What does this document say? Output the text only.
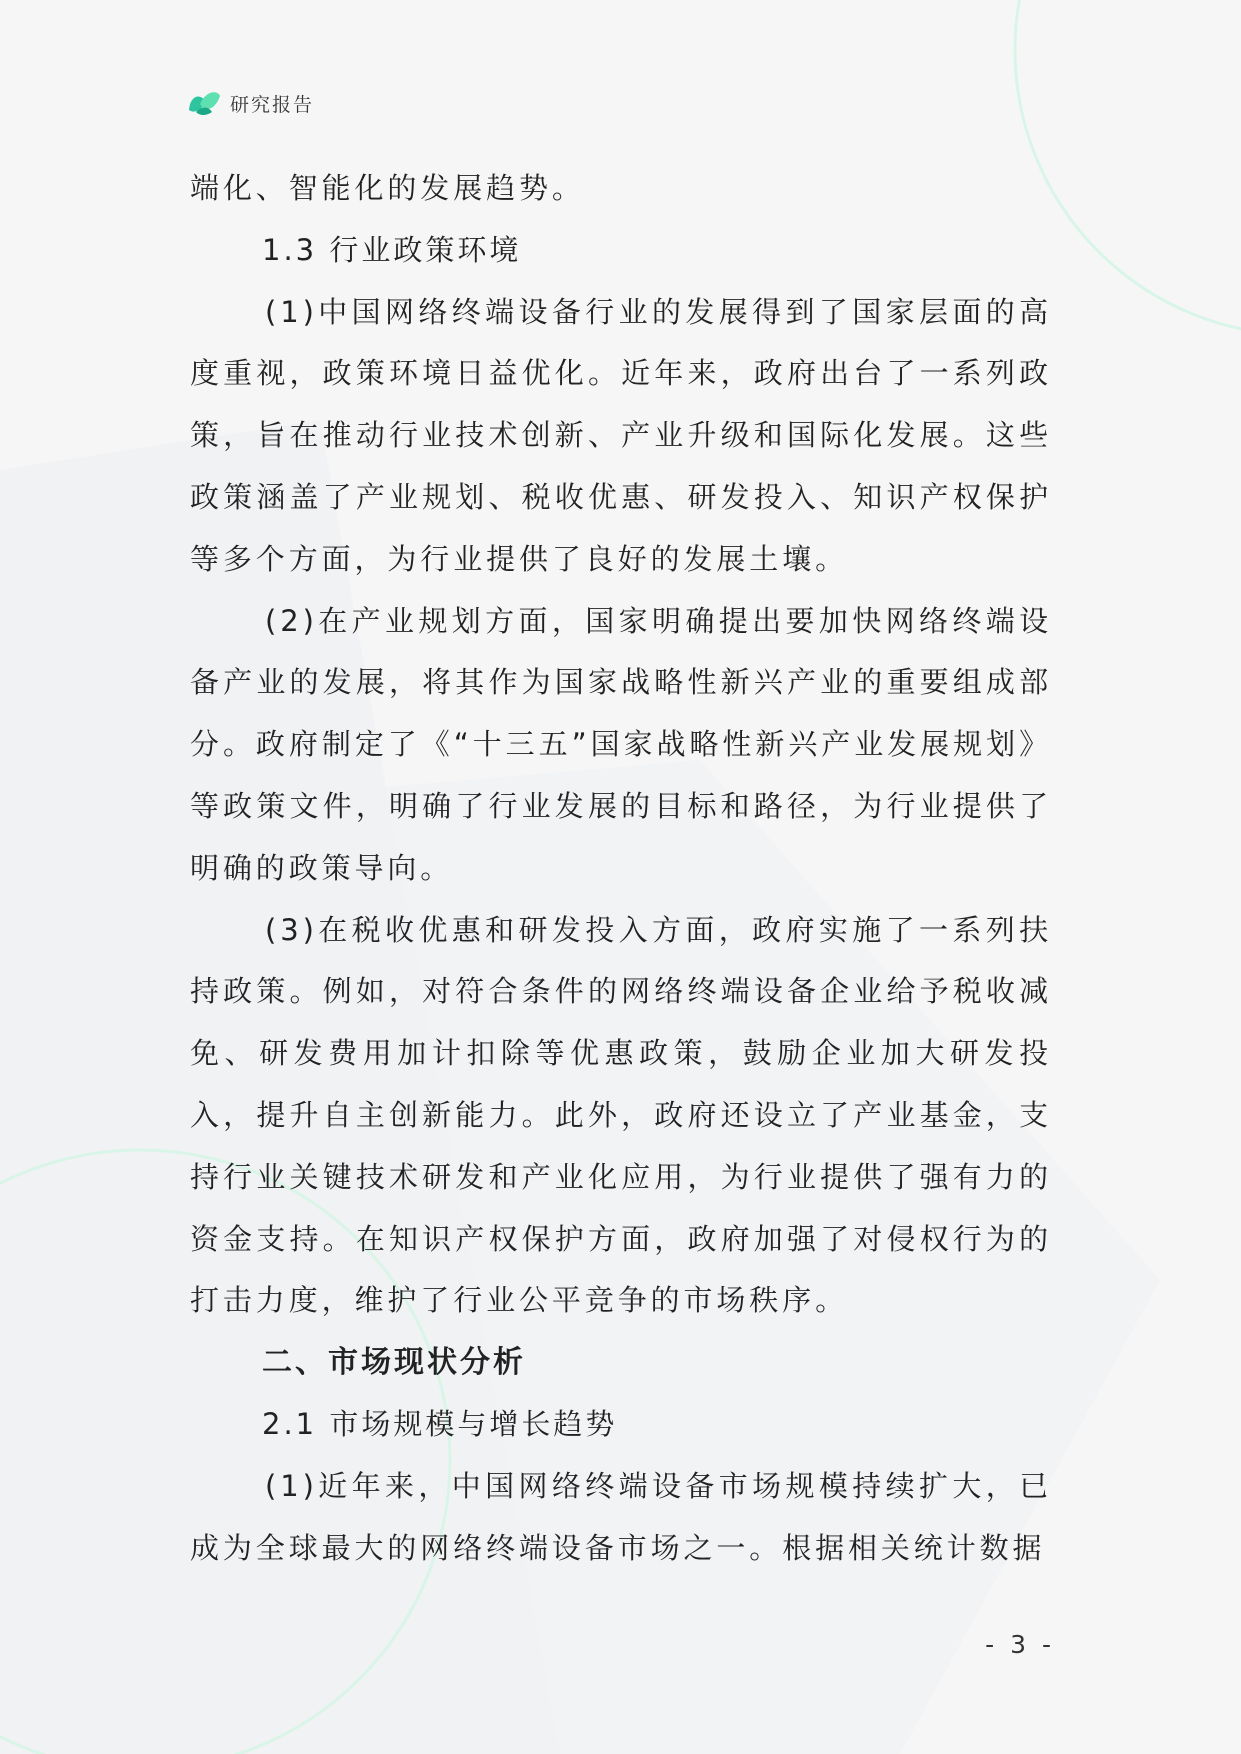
研究报告

端化、智能化的发展趋势。

1.3 行业政策环境

(1)中国网络终端设备行业的发展得到了国家层面的高度重视，政策环境日益优化。近年来，政府出台了一系列政策，旨在推动行业技术创新、产业升级和国际化发展。这些政策涵盖了产业规划、税收优惠、研发投入、知识产权保护等多个方面，为行业提供了良好的发展土壤。

(2)在产业规划方面，国家明确提出要加快网络终端设备产业的发展，将其作为国家战略性新兴产业的重要组成部分。政府制定了《“十三五”国家战略性新兴产业发展规划》等政策文件，明确了行业发展的目标和路径，为行业提供了明确的政策导向。

(3)在税收优惠和研发投入方面，政府实施了一系列扶持政策。例如，对符合条件的网络终端设备企业给予税收减免、研发费用加计扣除等优惠政策，鼓励企业加大研发投入，提升自主创新能力。此外，政府还设立了产业基金，支持行业关键技术研发和产业化应用，为行业提供了强有力的资金支持。在知识产权保护方面，政府加强了对侵权行为的打击力度，维护了行业公平竞争的市场秩序。

二、市场现状分析

2.1 市场规模与增长趋势

(1)近年来，中国网络终端设备市场规模持续扩大，已成为全球最大的网络终端设备市场之一。根据相关统计数据

- 3 -
